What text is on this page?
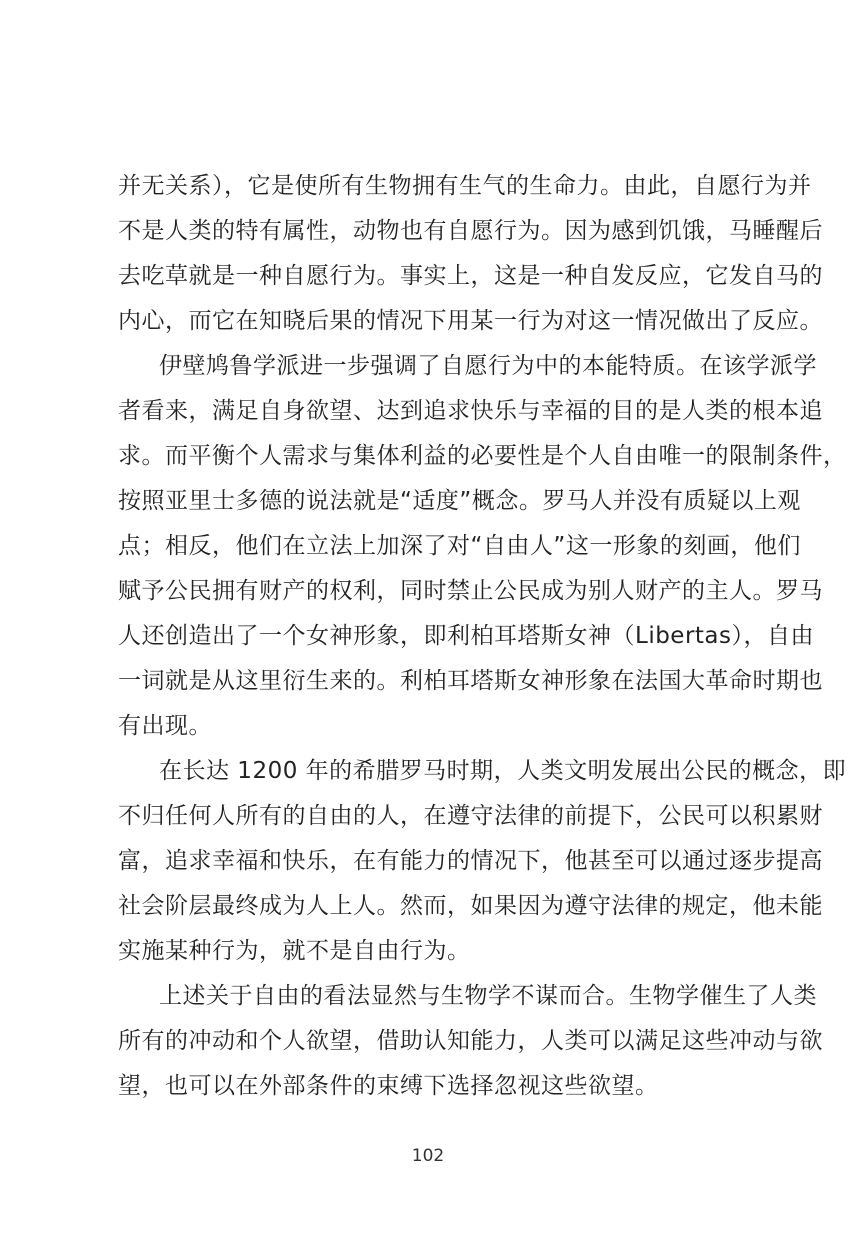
并无关系），它是使所有生物拥有生气的生命力。由此，自愿行为并
不是人类的特有属性，动物也有自愿行为。因为感到饥饿，马睡醒后
去吃草就是一种自愿行为。事实上，这是一种自发反应，它发自马的
内心，而它在知晓后果的情况下用某一行为对这一情况做出了反应。
伊壁鸠鲁学派进一步强调了自愿行为中的本能特质。在该学派学
者看来，满足自身欲望、达到追求快乐与幸福的目的是人类的根本追
求。而平衡个人需求与集体利益的必要性是个人自由唯一的限制条件，
按照亚里士多德的说法就是“适度”概念。罗马人并没有质疑以上观
点；相反，他们在立法上加深了对“自由人”这一形象的刻画，他们
赋予公民拥有财产的权利，同时禁止公民成为别人财产的主人。罗马
人还创造出了一个女神形象，即利柏耳塔斯女神（Libertas），自由
一词就是从这里衍生来的。利柏耳塔斯女神形象在法国大革命时期也
有出现。
在长达 1200 年的希腊罗马时期，人类文明发展出公民的概念，即
不归任何人所有的自由的人，在遵守法律的前提下，公民可以积累财
富，追求幸福和快乐，在有能力的情况下，他甚至可以通过逐步提高
社会阶层最终成为人上人。然而，如果因为遵守法律的规定，他未能
实施某种行为，就不是自由行为。
上述关于自由的看法显然与生物学不谋而合。生物学催生了人类
所有的冲动和个人欲望，借助认知能力，人类可以满足这些冲动与欲
望，也可以在外部条件的束缚下选择忽视这些欲望。
102
